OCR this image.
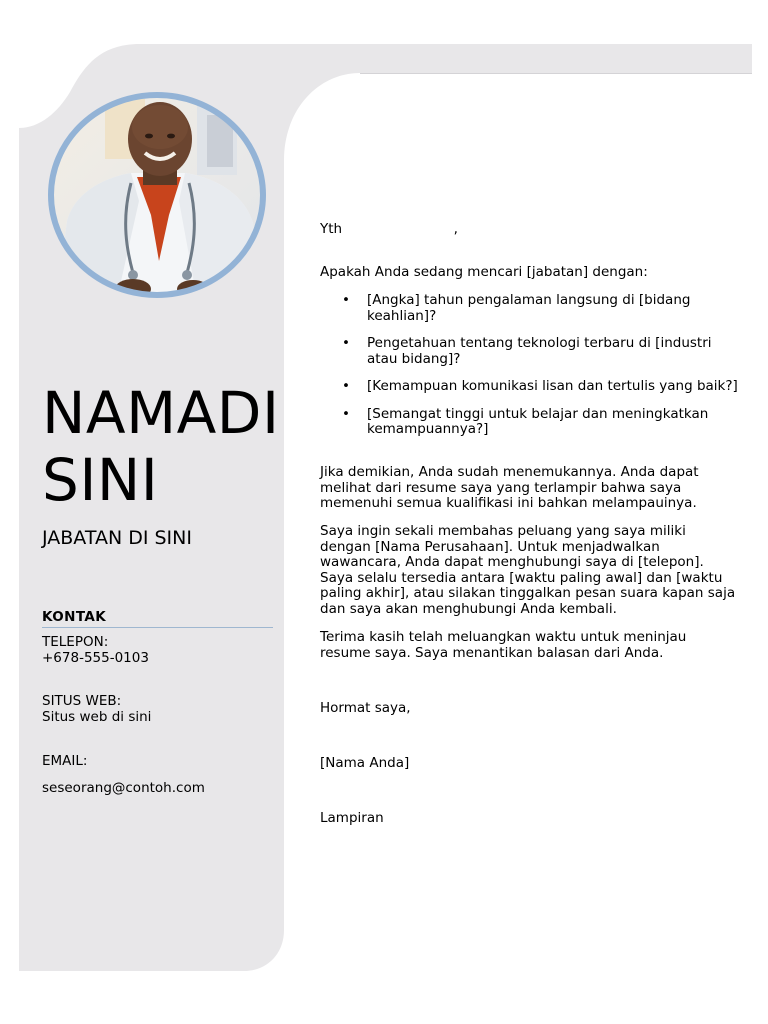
NAMADI SINI
JABATAN DI SINI
KONTAK
TELEPON:
+678-555-0103
SITUS WEB:
Situs web di sini
EMAIL:
seseorang@contoh.com

Yth                          ,

Apakah Anda sedang mencari [jabatan] dengan:

• [Angka] tahun pengalaman langsung di [bidang keahlian]?
• Pengetahuan tentang teknologi terbaru di [industri atau bidang]?
• [Kemampuan komunikasi lisan dan tertulis yang baik?]
• [Semangat tinggi untuk belajar dan meningkatkan kemampuannya?]

Jika demikian, Anda sudah menemukannya. Anda dapat melihat dari resume saya yang terlampir bahwa saya memenuhi semua kualifikasi ini bahkan melampauinya.

Saya ingin sekali membahas peluang yang saya miliki dengan [Nama Perusahaan]. Untuk menjadwalkan wawancara, Anda dapat menghubungi saya di [telepon]. Saya selalu tersedia antara [waktu paling awal] dan [waktu paling akhir], atau silakan tinggalkan pesan suara kapan saja dan saya akan menghubungi Anda kembali.

Terima kasih telah meluangkan waktu untuk meninjau resume saya. Saya menantikan balasan dari Anda.

Hormat saya,

[Nama Anda]

Lampiran
